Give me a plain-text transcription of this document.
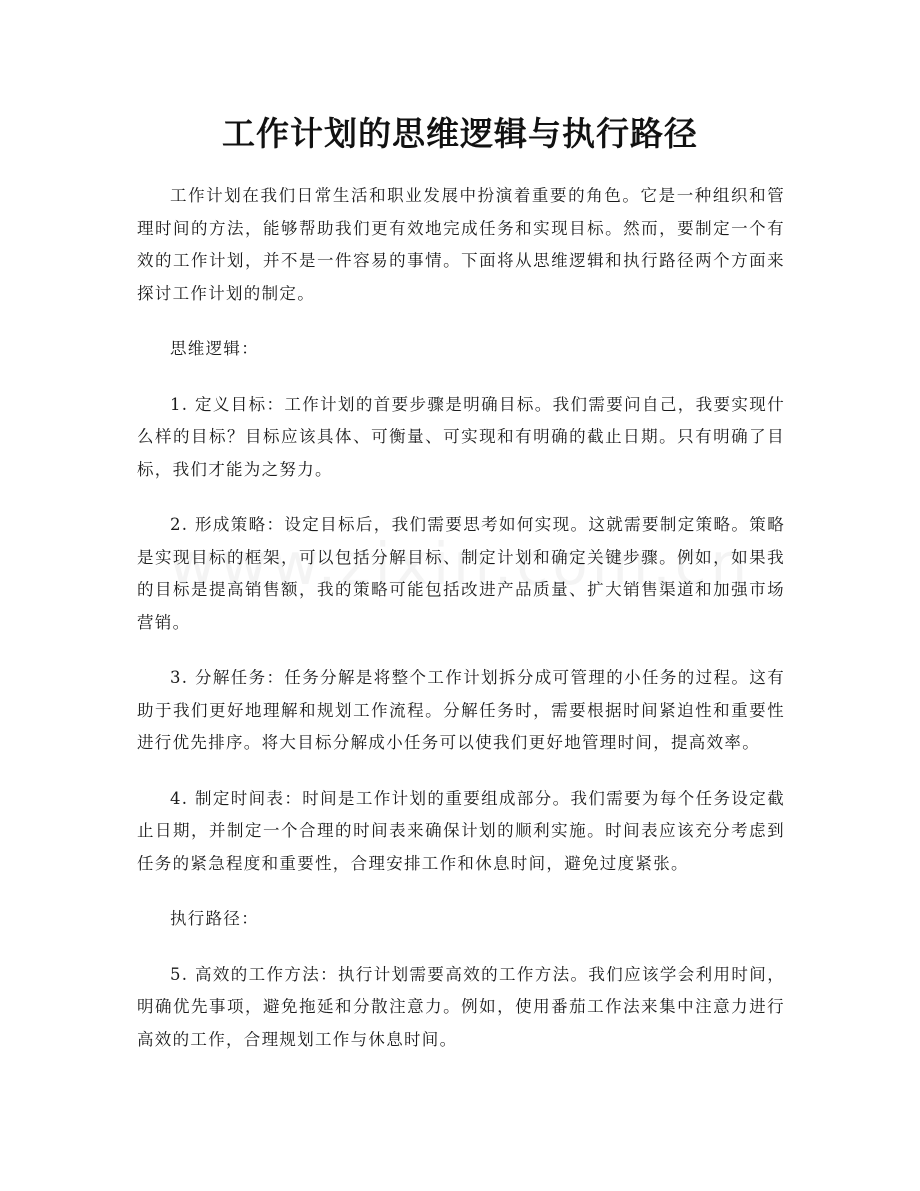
工作计划的思维逻辑与执行路径

工作计划在我们日常生活和职业发展中扮演着重要的角色。它是一种组织和管理时间的方法，能够帮助我们更有效地完成任务和实现目标。然而，要制定一个有效的工作计划，并不是一件容易的事情。下面将从思维逻辑和执行路径两个方面来探讨工作计划的制定。

思维逻辑：

1. 定义目标：工作计划的首要步骤是明确目标。我们需要问自己，我要实现什么样的目标？目标应该具体、可衡量、可实现和有明确的截止日期。只有明确了目标，我们才能为之努力。

2. 形成策略：设定目标后，我们需要思考如何实现。这就需要制定策略。策略是实现目标的框架，可以包括分解目标、制定计划和确定关键步骤。例如，如果我的目标是提高销售额，我的策略可能包括改进产品质量、扩大销售渠道和加强市场营销。

3. 分解任务：任务分解是将整个工作计划拆分成可管理的小任务的过程。这有助于我们更好地理解和规划工作流程。分解任务时，需要根据时间紧迫性和重要性进行优先排序。将大目标分解成小任务可以使我们更好地管理时间，提高效率。

4. 制定时间表：时间是工作计划的重要组成部分。我们需要为每个任务设定截止日期，并制定一个合理的时间表来确保计划的顺利实施。时间表应该充分考虑到任务的紧急程度和重要性，合理安排工作和休息时间，避免过度紧张。

执行路径：

5. 高效的工作方法：执行计划需要高效的工作方法。我们应该学会利用时间，明确优先事项，避免拖延和分散注意力。例如，使用番茄工作法来集中注意力进行高效的工作，合理规划工作与休息时间。
